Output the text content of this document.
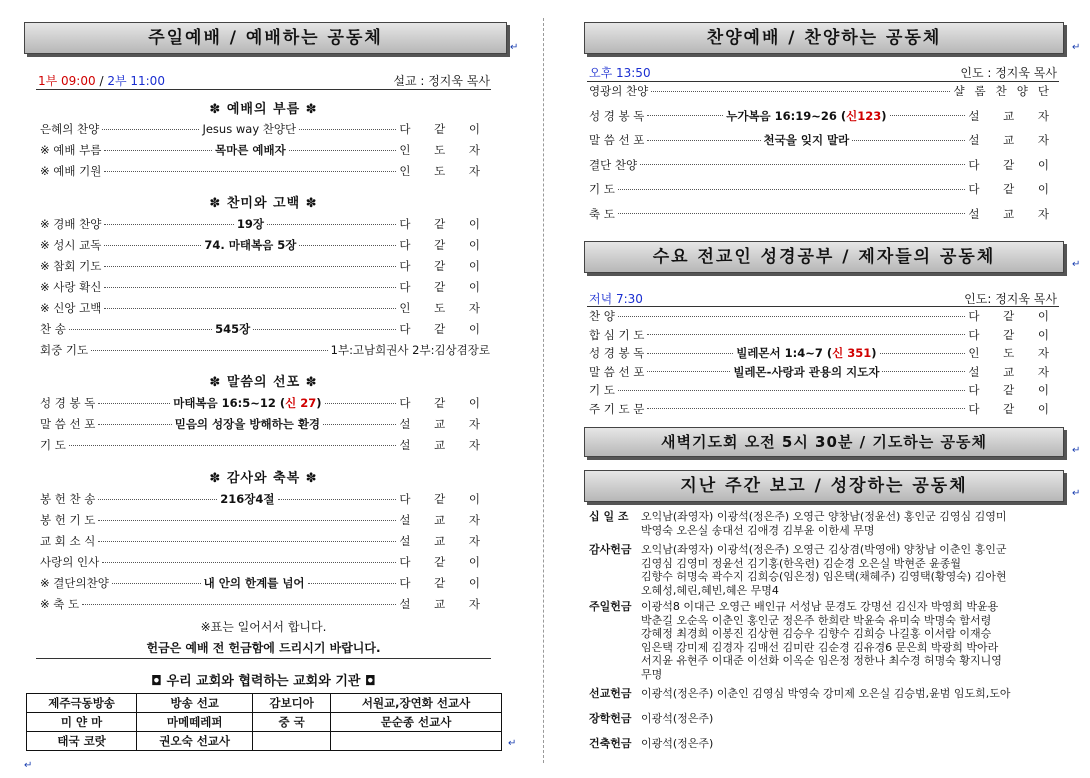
주일예배 / 예배하는 공동체	↵
1부 09:00 / 2부 11:00	설교 : 정지욱 목사
✽ 예배의 부름 ✽
은혜의 찬양	Jesus way 찬양단	다 같 이
※ 예배 부름	목마른 예배자	인 도 자
※ 예배 기원	인 도 자
✽ 찬미와 고백 ✽
※ 경배 찬양	19장	다 같 이
※ 성시 교독	74. 마태복음 5장	다 같 이
※ 참회 기도	다 같 이
※ 사랑 확신	다 같 이
※ 신앙 고백	인 도 자
찬 송	545장	다 같 이
회중 기도	1부:고남희권사 2부:김상겸장로
✽ 말씀의 선포 ✽
성 경 봉 독	마태복음 16:5~12 (신 27)	다 같 이
말 씀 선 포	믿음의 성장을 방해하는 환경	설 교 자
기 도	설 교 자
✽ 감사와 축복 ✽
봉 헌 찬 송	216장4절	다 같 이
봉 헌 기 도	설 교 자
교 회 소 식	설 교 자
사랑의 인사	다 같 이
※ 결단의찬양	내 안의 한계를 넘어	다 같 이
※ 축 도	설 교 자
※표는 일어서서 합니다.
헌금은 예배 전 헌금함에 드리시기 바랍니다.
◘ 우리 교회와 협력하는 교회와 기관 ◘
제주극동방송	방송 선교	감보디아	서원교,장연화 선교사
미 얀 마	마메떼레퍼	중 국	문순종 선교사
태국 코랏	권오숙 선교사			↵
↵
찬양예배 / 찬양하는 공동체	↵
오후 13:50	인도 : 정지욱 목사
영광의 찬양	샬롬찬양단
성 경 봉 독	누가복음 16:19~26 (신123)	설 교 자
말 씀 선 포	천국을 잊지 말라	설 교 자
결단 찬양	다 같 이
기 도	다 같 이
축 도	설 교 자
수요 전교인 성경공부 / 제자들의 공동체	↵
저녁 7:30	인도: 정지욱 목사
찬 양	다 같 이
합 심 기 도	다 같 이
성 경 봉 독	빌레몬서 1:4~7 (신 351)	인 도 자
말 씀 선 포	빌레몬-사랑과 관용의 지도자	설 교 자
기 도	다 같 이
주 기 도 문	다 같 이
새벽기도회 오전 5시 30분 / 기도하는 공동체	↵
지난 주간 보고 / 성장하는 공동체	↵
십 일 조	오익남(좌영자) 이광석(정은주) 오영근 양창남(정윤선) 홍인군 김영심 김영미
박영숙 오은실 송대선 김애경 김부윤 이한세 무명
감사헌금 오익남(좌영자) 이광석(정은주) 오영근 김상겸(박영애) 양창남 이춘인 홍인군
김영심 김영미 정윤선 김기홍(한옥련) 김순경 오은실 박현준 윤종월
김향수 허명숙 곽수지 김희승(임은정) 임은택(채혜주) 김영택(황영숙) 김아현
오혜성,혜린,혜빈,혜은 무명4
주일헌금 이광석8 이대근 오영근 배인규 서성남 문경도 강명선 김신자 박영희 박윤용
박춘길 오순옥 이춘인 홍인군 정은주 한희란 박윤숙 유미숙 박명숙 함서령
강혜정 최경희 이봉진 김상현 김승우 김향수 김희승 나길홍 이서람 이재승
임은택 강미제 김경자 김매선 김미란 김순경 김유경6 문은희 박광희 박아라
서지윤 유현주 이대준 이선화 이옥순 임은정 정한나 최수경 허명숙 황지니영
무명
선교헌금 이광석(정은주) 이춘인 김영심 박영숙 강미제 오은실 김승범,윤범 임도희,도아
장학헌금 이광석(정은주)
건축헌금 이광석(정은주)
